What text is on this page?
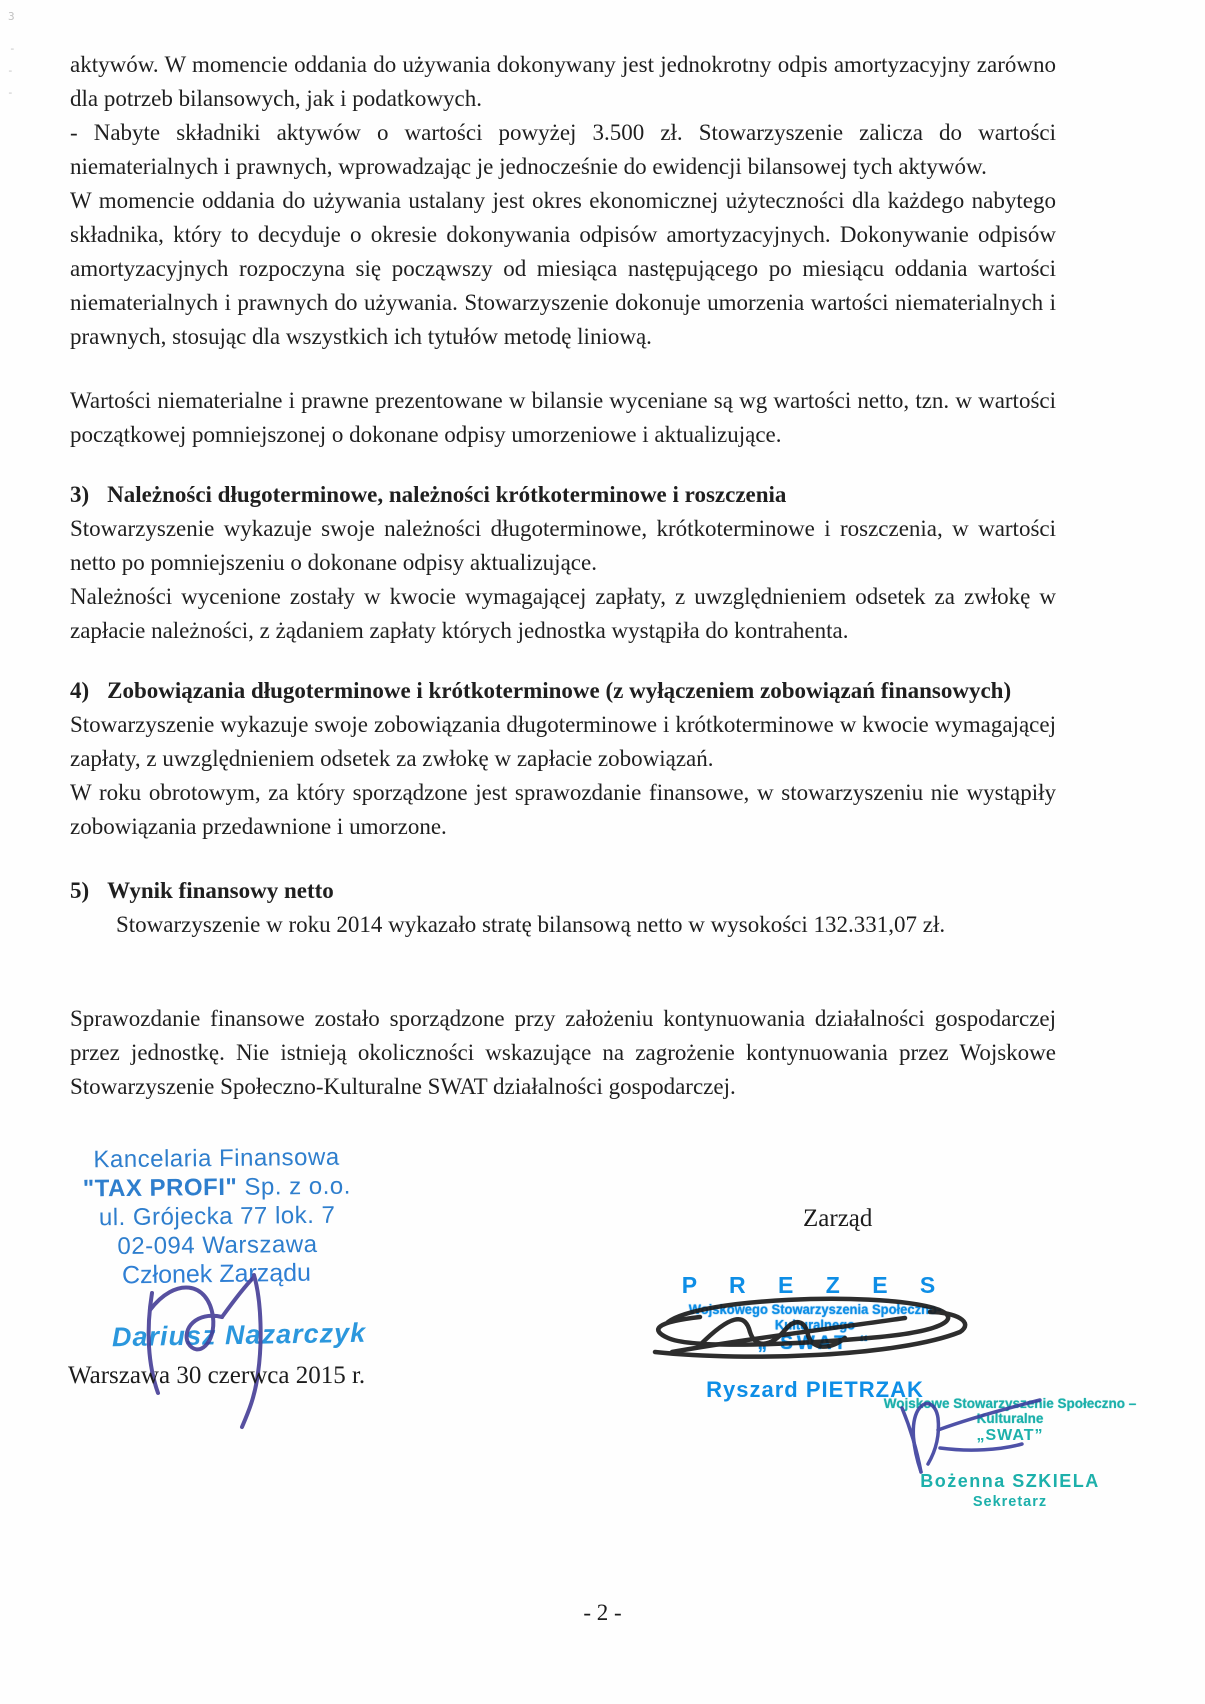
3
-
-
-

aktywów. W momencie oddania do używania dokonywany jest jednokrotny odpis amortyzacyjny zarówno dla potrzeb bilansowych, jak i podatkowych.

- Nabyte składniki aktywów o wartości powyżej 3.500 zł. Stowarzyszenie zalicza do wartości niematerialnych i prawnych, wprowadzając je jednocześnie do ewidencji bilansowej tych aktywów.

W momencie oddania do używania ustalany jest okres ekonomicznej użyteczności dla każdego nabytego składnika, który to decyduje o okresie dokonywania odpisów amortyzacyjnych. Dokonywanie odpisów amortyzacyjnych rozpoczyna się począwszy od miesiąca następującego po miesiącu oddania wartości niematerialnych i prawnych do używania. Stowarzyszenie dokonuje umorzenia wartości niematerialnych i prawnych, stosując dla wszystkich ich tytułów metodę liniową.

Wartości niematerialne i prawne prezentowane w bilansie wyceniane są wg wartości netto, tzn. w wartości początkowej pomniejszonej o dokonane odpisy umorzeniowe i aktualizujące.

3) Należności długoterminowe, należności krótkoterminowe i roszczenia

Stowarzyszenie wykazuje swoje należności długoterminowe, krótkoterminowe i roszczenia, w wartości netto po pomniejszeniu o dokonane odpisy aktualizujące.

Należności wycenione zostały w kwocie wymagającej zapłaty, z uwzględnieniem odsetek za zwłokę w zapłacie należności, z żądaniem zapłaty których jednostka wystąpiła do kontrahenta.

4) Zobowiązania długoterminowe i krótkoterminowe (z wyłączeniem zobowiązań finansowych)

Stowarzyszenie wykazuje swoje zobowiązania długoterminowe i krótkoterminowe w kwocie wymagającej zapłaty, z uwzględnieniem odsetek za zwłokę w zapłacie zobowiązań.

W roku obrotowym, za który sporządzone jest sprawozdanie finansowe, w stowarzyszeniu nie wystąpiły zobowiązania przedawnione i umorzone.

5) Wynik finansowy netto

Stowarzyszenie w roku 2014 wykazało stratę bilansową netto w wysokości 132.331,07 zł.

Sprawozdanie finansowe zostało sporządzone przy założeniu kontynuowania działalności gospodarczej przez jednostkę. Nie istnieją okoliczności wskazujące na zagrożenie kontynuowania przez Wojskowe Stowarzyszenie Społeczno-Kulturalne SWAT działalności gospodarczej.

Kancelaria Finansowa
"TAX PROFI" Sp. z o.o.
ul. Grójecka 77 lok. 7
02-094 Warszawa
Członek Zarządu
Dariusz Nazarczyk
Warszawa 30 czerwca 2015 r.
Zarząd
P R E Z E S
Wojskowego Stowarzyszenia Społeczno-Kulturalnego
„ SWAT “
Ryszard PIETRZAK
Wojskowe Stowarzyszenie Społeczno – Kulturalne
„SWAT”
Bożenna SZKIELA
Sekretarz
- 2 -
